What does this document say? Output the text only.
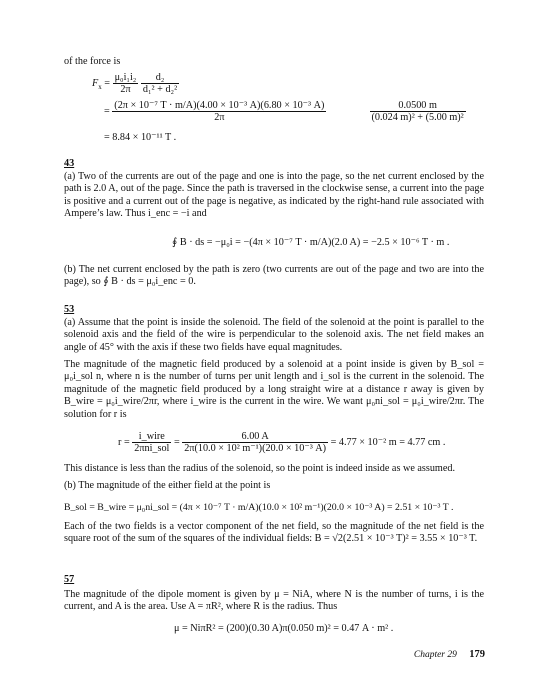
of the force is
$F_x = \frac{\text{μ₀i₁i₂}}{2\pi}$
$\frac{\text{d₂}}{\text{d₁² + d₂²}}$
= $\frac{\text{(2π × 10⁻⁷ T · m/A)(4.00 × 10⁻³ A)(6.80 × 10⁻³ A)}}{2\pi}$
	$\frac{0.0500 m}{\text{(0.024 m)² + (5.00 m)²}}$
= 8.84 × 10⁻¹¹ T .
43
(a) Two of the currents are out of the page and one is into the page, so the net current enclosed by the path is 2.0 A, out of the page. Since the path is traversed in the clockwise sense, a current into the page is positive and a current out of the page is negative, as indicated by the right-hand rule associated with Ampere’s law. Thus i_enc = −i and
∮ B · ds = −μ₀i = −(4π × 10⁻⁷ T · m/A)(2.0 A) = −2.5 × 10⁻⁶ T · m .
(b) The net current enclosed by the path is zero (two currents are out of the page and two are into the page), so ∮ B · ds = μ₀i_enc = 0.
53
(a) Assume that the point is inside the solenoid. The field of the solenoid at the point is parallel to the solenoid axis and the field of the wire is perpendicular to the solenoid axis. The net field makes an angle of 45° with the axis if these two fields have equal magnitudes.
The magnitude of the magnetic field produced by a solenoid at a point inside is given by B_sol = μ₀i_sol n, where n is the number of turns per unit length and i_sol is the current in the solenoid. The magnitude of the magnetic field produced by a long straight wire at a distance r away is given by B_wire = μ₀i_wire/2πr, where i_wire is the current in the wire. We want μ₀ni_sol = μ₀i_wire/2πr. The solution for r is
$r = \frac{\text{i\_wire}}{\text{2πni\_sol}} = \frac{6.00 A}{\text{2π(10.0 × 10² m⁻¹)(20.0 × 10⁻³ A)}} = 4.77 \times 10^{-2}$ m = 4.77 cm .
This distance is less than the radius of the solenoid, so the point is indeed inside as we assumed.
(b) The magnitude of the either field at the point is
B_sol = B_wire = μ₀ni_sol = (4π × 10⁻⁷ T · m/A)(10.0 × 10² m⁻¹)(20.0 × 10⁻³ A) = 2.51 × 10⁻³ T .
Each of the two fields is a vector component of the net field, so the magnitude of the net field is the square root of the sum of the squares of the individual fields: B = √2(2.51 × 10⁻³ T)² = 3.55 × 10⁻³ T.
57
The magnitude of the dipole moment is given by μ = NiA, where N is the number of turns, i is the current, and A is the area. Use A = πR², where R is the radius. Thus
μ = NiπR² = (200)(0.30 A)π(0.050 m)² = 0.47 A · m² .
Chapter 29 179
